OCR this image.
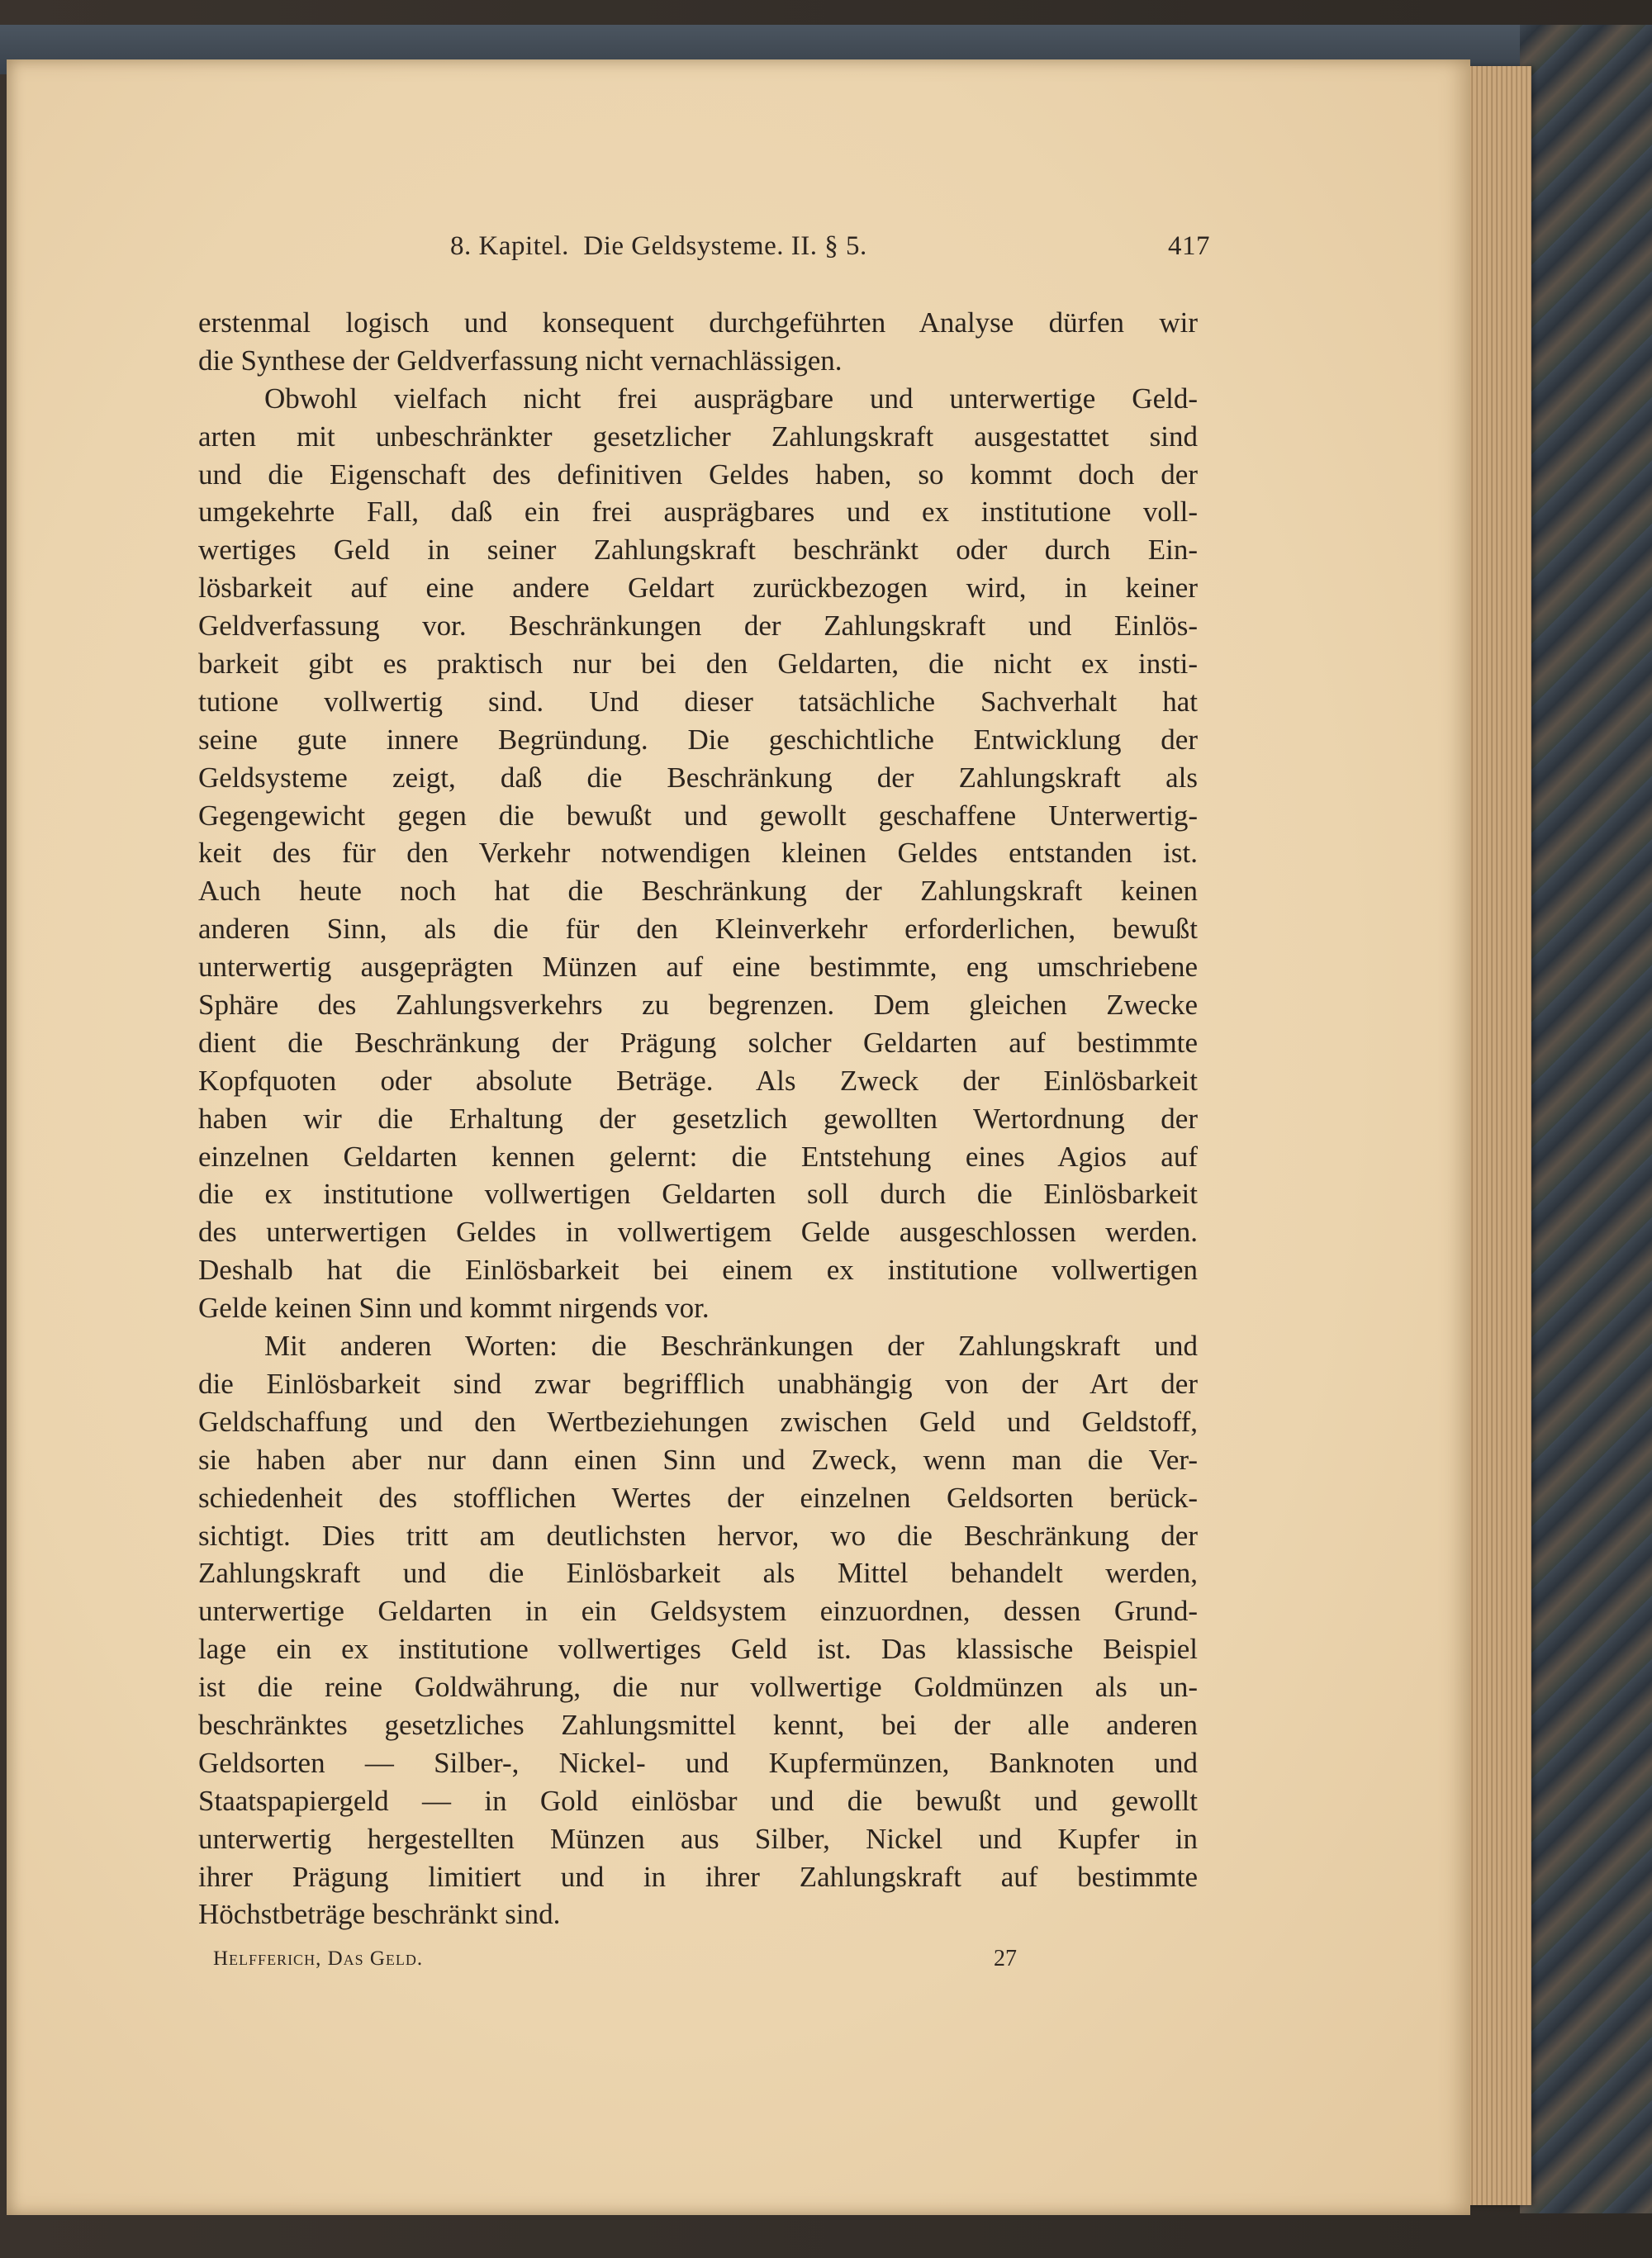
8. Kapitel.  Die Geldsysteme. II. § 5.	417
erstenmal logisch und konsequent durchgeführten Analyse dürfen wir
die Synthese der Geldverfassung nicht vernachlässigen.
Obwohl vielfach nicht frei ausprägbare und unterwertige Geld-
arten mit unbeschränkter gesetzlicher Zahlungskraft ausgestattet sind
und die Eigenschaft des definitiven Geldes haben, so kommt doch der
umgekehrte Fall, daß ein frei ausprägbares und ex institutione voll-
wertiges Geld in seiner Zahlungskraft beschränkt oder durch Ein-
lösbarkeit auf eine andere Geldart zurückbezogen wird, in keiner
Geldverfassung vor. Beschränkungen der Zahlungskraft und Einlös-
barkeit gibt es praktisch nur bei den Geldarten, die nicht ex insti-
tutione vollwertig sind. Und dieser tatsächliche Sachverhalt hat
seine gute innere Begründung. Die geschichtliche Entwicklung der
Geldsysteme zeigt, daß die Beschränkung der Zahlungskraft als
Gegengewicht gegen die bewußt und gewollt geschaffene Unterwertig-
keit des für den Verkehr notwendigen kleinen Geldes entstanden ist.
Auch heute noch hat die Beschränkung der Zahlungskraft keinen
anderen Sinn, als die für den Kleinverkehr erforderlichen, bewußt
unterwertig ausgeprägten Münzen auf eine bestimmte, eng umschriebene
Sphäre des Zahlungsverkehrs zu begrenzen. Dem gleichen Zwecke
dient die Beschränkung der Prägung solcher Geldarten auf bestimmte
Kopfquoten oder absolute Beträge. Als Zweck der Einlösbarkeit
haben wir die Erhaltung der gesetzlich gewollten Wertordnung der
einzelnen Geldarten kennen gelernt: die Entstehung eines Agios auf
die ex institutione vollwertigen Geldarten soll durch die Einlösbarkeit
des unterwertigen Geldes in vollwertigem Gelde ausgeschlossen werden.
Deshalb hat die Einlösbarkeit bei einem ex institutione vollwertigen
Gelde keinen Sinn und kommt nirgends vor.
Mit anderen Worten: die Beschränkungen der Zahlungskraft und
die Einlösbarkeit sind zwar begrifflich unabhängig von der Art der
Geldschaffung und den Wertbeziehungen zwischen Geld und Geldstoff,
sie haben aber nur dann einen Sinn und Zweck, wenn man die Ver-
schiedenheit des stofflichen Wertes der einzelnen Geldsorten berück-
sichtigt. Dies tritt am deutlichsten hervor, wo die Beschränkung der
Zahlungskraft und die Einlösbarkeit als Mittel behandelt werden,
unterwertige Geldarten in ein Geldsystem einzuordnen, dessen Grund-
lage ein ex institutione vollwertiges Geld ist. Das klassische Beispiel
ist die reine Goldwährung, die nur vollwertige Goldmünzen als un-
beschränktes gesetzliches Zahlungsmittel kennt, bei der alle anderen
Geldsorten — Silber-, Nickel- und Kupfermünzen, Banknoten und
Staatspapiergeld — in Gold einlösbar und die bewußt und gewollt
unterwertig hergestellten Münzen aus Silber, Nickel und Kupfer in
ihrer Prägung limitiert und in ihrer Zahlungskraft auf bestimmte
Höchstbeträge beschränkt sind.
Helfferich, Das Geld.	27
